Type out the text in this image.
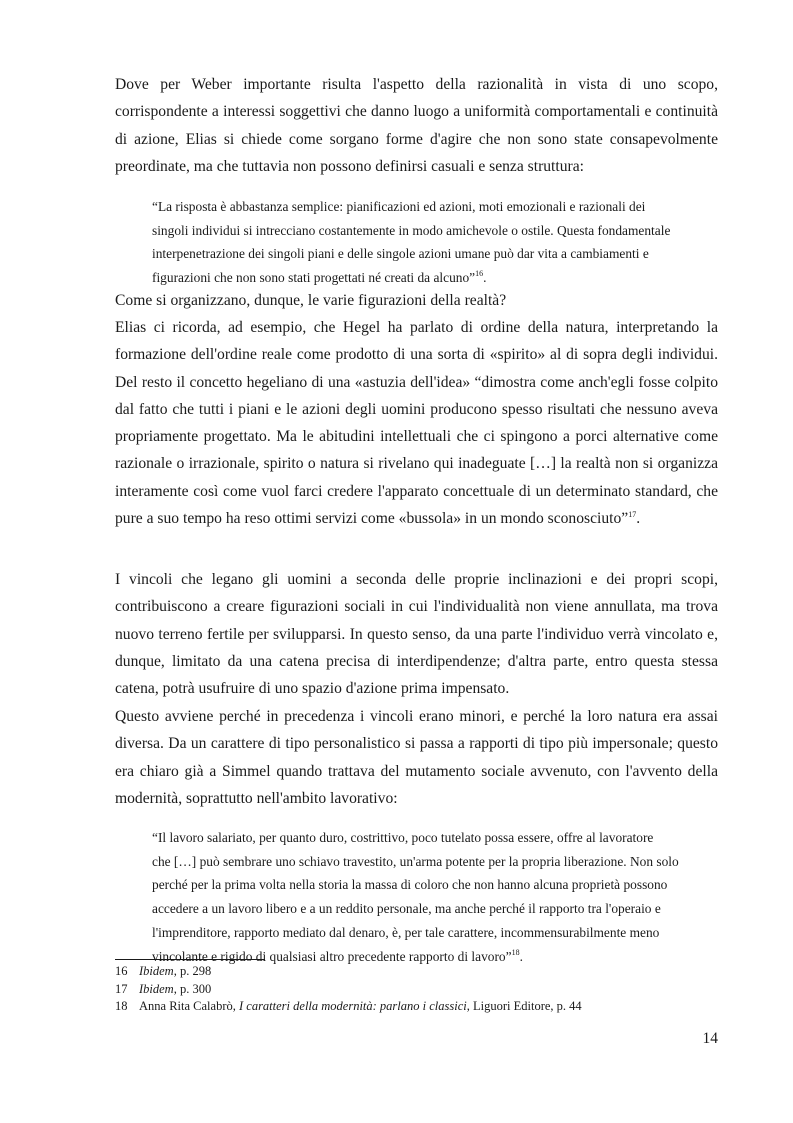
Dove per Weber importante risulta l'aspetto della razionalità in vista di uno scopo, corrispondente a interessi soggettivi che danno luogo a uniformità comportamentali e continuità di azione, Elias si chiede come sorgano forme d'agire che non sono state consapevolmente preordinate, ma che tuttavia non possono definirsi casuali e senza struttura:

“La risposta è abbastanza semplice: pianificazioni ed azioni, moti emozionali e razionali dei
singoli individui si intrecciano costantemente in modo amichevole o ostile. Questa fondamentale
interpenetrazione dei singoli piani e delle singole azioni umane può dar vita a cambiamenti e
figurazioni che non sono stati progettati né creati da alcuno”$^{16}$.

Come si organizzano, dunque, le varie figurazioni della realtà?

Elias ci ricorda, ad esempio, che Hegel ha parlato di ordine della natura, interpretando la formazione dell'ordine reale come prodotto di una sorta di «spirito» al di sopra degli individui. Del resto il concetto hegeliano di una «astuzia dell'idea» “dimostra come anch'egli fosse colpito dal fatto che tutti i piani e le azioni degli uomini producono spesso risultati che nessuno aveva propriamente progettato. Ma le abitudini intellettuali che ci spingono a porci alternative come razionale o irrazionale, spirito o natura si rivelano qui inadeguate […] la realtà non si organizza interamente così come vuol farci credere l'apparato concettuale di un determinato standard, che pure a suo tempo ha reso ottimi servizi come «bussola» in un mondo sconosciuto”$^{17}$.

I vincoli che legano gli uomini a seconda delle proprie inclinazioni e dei propri scopi, contribuiscono a creare figurazioni sociali in cui l'individualità non viene annullata, ma trova nuovo terreno fertile per svilupparsi. In questo senso, da una parte l'individuo verrà vincolato e, dunque, limitato da una catena precisa di interdipendenze; d'altra parte, entro questa stessa catena, potrà usufruire di uno spazio d'azione prima impensato.

Questo avviene perché in precedenza i vincoli erano minori, e perché la loro natura era assai diversa. Da un carattere di tipo personalistico si passa a rapporti di tipo più impersonale; questo era chiaro già a Simmel quando trattava del mutamento sociale avvenuto, con l'avvento della modernità, soprattutto nell'ambito lavorativo:

“Il lavoro salariato, per quanto duro, costrittivo, poco tutelato possa essere, offre al lavoratore
che […] può sembrare uno schiavo travestito, un'arma potente per la propria liberazione. Non solo
perché per la prima volta nella storia la massa di coloro che non hanno alcuna proprietà possono
accedere a un lavoro libero e a un reddito personale, ma anche perché il rapporto tra l'operaio e
l'imprenditore, rapporto mediato dal denaro, è, per tale carattere, incommensurabilmente meno
vincolante e rigido di qualsiasi altro precedente rapporto di lavoro”$^{18}$.

16 Ibidem, p. 298
17 Ibidem, p. 300
18 Anna Rita Calabrò, I caratteri della modernità: parlano i classici, Liguori Editore, p. 44
14
